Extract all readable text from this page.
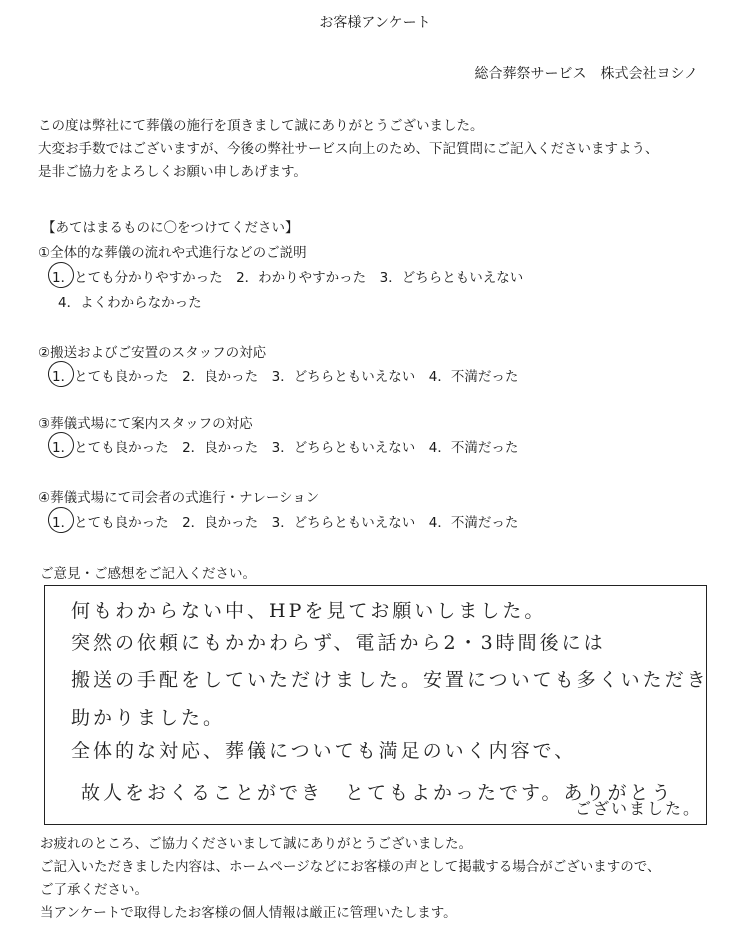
お客様アンケート
総合葬祭サービス　株式会社ヨシノ
この度は弊社にて葬儀の施行を頂きまして誠にありがとうございました。
大変お手数ではございますが、今後の弊社サービス向上のため、下記質問にご記入くださいますよう、
是非ご協力をよろしくお願い申しあげます。
【あてはまるものに〇をつけてください】
①全体的な葬儀の流れや式進行などのご説明
1．とても分かりやすかった　2．わかりやすかった　3．どちらともいえない
4．よくわからなかった
②搬送およびご安置のスタッフの対応
1．とても良かった　2．良かった　3．どちらともいえない　4．不満だった
③葬儀式場にて案内スタッフの対応
1．とても良かった　2．良かった　3．どちらともいえない　4．不満だった
④葬儀式場にて司会者の式進行・ナレーション
1．とても良かった　2．良かった　3．どちらともいえない　4．不満だった
ご意見・ご感想をご記入ください。
何もわからない中、HPを見てお願いしました。
突然の依頼にもかかわらず、電話から2・3時間後には
搬送の手配をしていただけました。安置についても多くいただき
助かりました。
全体的な対応、葬儀についても満足のいく内容で、
故人をおくることができ　とてもよかったです。ありがとう
ございました。
お疲れのところ、ご協力くださいまして誠にありがとうございました。
ご記入いただきました内容は、ホームページなどにお客様の声として掲載する場合がございますので、
ご了承ください。
当アンケートで取得したお客様の個人情報は厳正に管理いたします。
